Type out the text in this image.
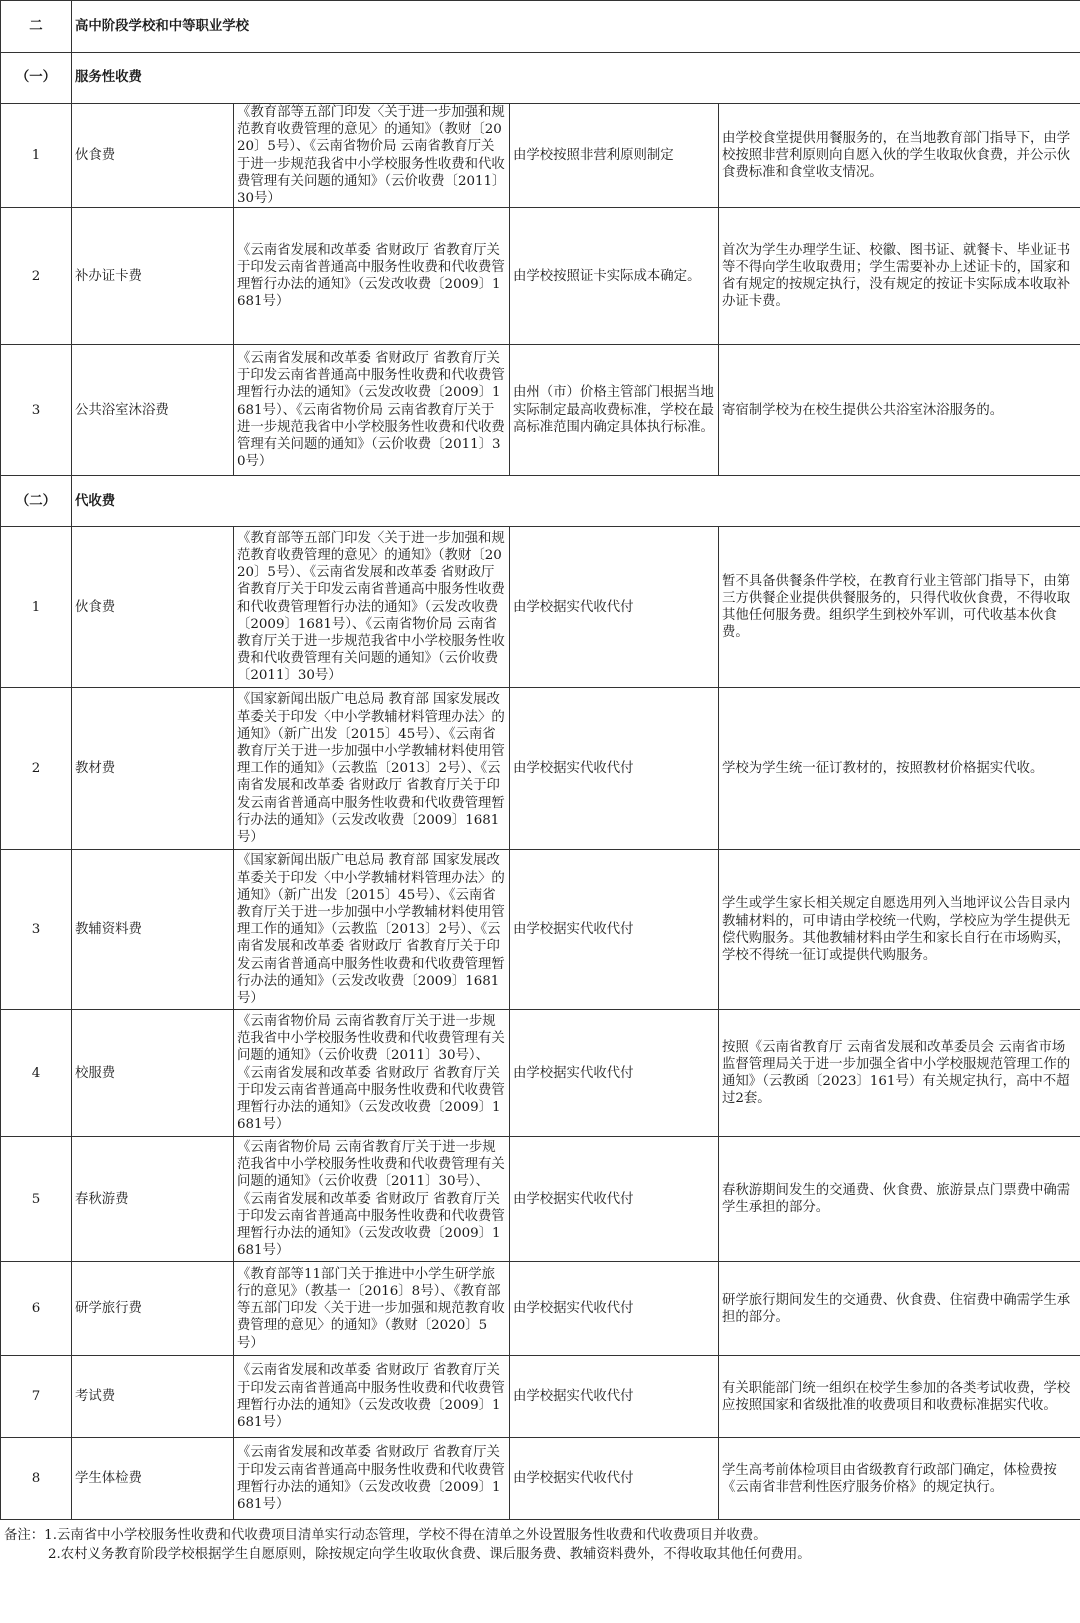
二	高中阶段学校和中等职业学校			
（一）	服务性收费			
1	伙食费	《教育部等五部门印发〈关于进一步加强和规范教育收费管理的意见〉的通知》（教财〔2020〕5号）、《云南省物价局 云南省教育厅关于进一步规范我省中小学校服务性收费和代收费管理有关问题的通知》（云价收费〔2011〕30号）	由学校按照非营利原则制定	由学校食堂提供用餐服务的，在当地教育部门指导下，由学校按照非营利原则向自愿入伙的学生收取伙食费，并公示伙食费标准和食堂收支情况。
2	补办证卡费	《云南省发展和改革委 省财政厅 省教育厅关于印发云南省普通高中服务性收费和代收费管理暂行办法的通知》（云发改收费〔2009〕1681号）	由学校按照证卡实际成本确定。	首次为学生办理学生证、校徽、图书证、就餐卡、毕业证书等不得向学生收取费用；学生需要补办上述证卡的，国家和省有规定的按规定执行，没有规定的按证卡实际成本收取补办证卡费。
3	公共浴室沐浴费	《云南省发展和改革委 省财政厅 省教育厅关于印发云南省普通高中服务性收费和代收费管理暂行办法的通知》（云发改收费〔2009〕1681号）、《云南省物价局 云南省教育厅关于进一步规范我省中小学校服务性收费和代收费管理有关问题的通知》（云价收费〔2011〕30号）	由州（市）价格主管部门根据当地实际制定最高收费标准，学校在最高标准范围内确定具体执行标准。	寄宿制学校为在校生提供公共浴室沐浴服务的。
（二）	代收费			
1	伙食费	《教育部等五部门印发〈关于进一步加强和规范教育收费管理的意见〉的通知》（教财〔2020〕5号）、《云南省发展和改革委 省财政厅 省教育厅关于印发云南省普通高中服务性收费和代收费管理暂行办法的通知》（云发改收费〔2009〕1681号）、《云南省物价局 云南省教育厅关于进一步规范我省中小学校服务性收费和代收费管理有关问题的通知》（云价收费〔2011〕30号）	由学校据实代收代付	暂不具备供餐条件学校，在教育行业主管部门指导下，由第三方供餐企业提供供餐服务的，只得代收伙食费，不得收取其他任何服务费。组织学生到校外军训，可代收基本伙食费。
2	教材费	《国家新闻出版广电总局 教育部 国家发展改革委关于印发〈中小学教辅材料管理办法〉的通知》（新广出发〔2015〕45号）、《云南省教育厅关于进一步加强中小学教辅材料使用管理工作的通知》（云教监〔2013〕2号）、《云南省发展和改革委 省财政厅 省教育厅关于印发云南省普通高中服务性收费和代收费管理暂行办法的通知》（云发改收费〔2009〕1681号）	由学校据实代收代付	学校为学生统一征订教材的，按照教材价格据实代收。
3	教辅资料费	《国家新闻出版广电总局 教育部 国家发展改革委关于印发〈中小学教辅材料管理办法〉的通知》（新广出发〔2015〕45号）、《云南省教育厅关于进一步加强中小学教辅材料使用管理工作的通知》（云教监〔2013〕2号）、《云南省发展和改革委 省财政厅 省教育厅关于印发云南省普通高中服务性收费和代收费管理暂行办法的通知》（云发改收费〔2009〕1681号）	由学校据实代收代付	学生或学生家长相关规定自愿选用列入当地评议公告目录内教辅材料的，可申请由学校统一代购，学校应为学生提供无偿代购服务。其他教辅材料由学生和家长自行在市场购买，学校不得统一征订或提供代购服务。
4	校服费	《云南省物价局 云南省教育厅关于进一步规范我省中小学校服务性收费和代收费管理有关问题的通知》（云价收费〔2011〕30号）、《云南省发展和改革委 省财政厅 省教育厅关于印发云南省普通高中服务性收费和代收费管理暂行办法的通知》（云发改收费〔2009〕1681号）	由学校据实代收代付	按照《云南省教育厅 云南省发展和改革委员会 云南省市场监督管理局关于进一步加强全省中小学校服规范管理工作的通知》（云教函〔2023〕161号）有关规定执行，高中不超过2套。
5	春秋游费	《云南省物价局 云南省教育厅关于进一步规范我省中小学校服务性收费和代收费管理有关问题的通知》（云价收费〔2011〕30号）、《云南省发展和改革委 省财政厅 省教育厅关于印发云南省普通高中服务性收费和代收费管理暂行办法的通知》（云发改收费〔2009〕1681号）	由学校据实代收代付	春秋游期间发生的交通费、伙食费、旅游景点门票费中确需学生承担的部分。
6	研学旅行费	《教育部等11部门关于推进中小学生研学旅行的意见》（教基一〔2016〕8号）、《教育部等五部门印发〈关于进一步加强和规范教育收费管理的意见〉的通知》（教财〔2020〕5号）	由学校据实代收代付	研学旅行期间发生的交通费、伙食费、住宿费中确需学生承担的部分。
7	考试费	《云南省发展和改革委 省财政厅 省教育厅关于印发云南省普通高中服务性收费和代收费管理暂行办法的通知》（云发改收费〔2009〕1681号）	由学校据实代收代付	有关职能部门统一组织在校学生参加的各类考试收费，学校应按照国家和省级批准的收费项目和收费标准据实代收。
8	学生体检费	《云南省发展和改革委 省财政厅 省教育厅关于印发云南省普通高中服务性收费和代收费管理暂行办法的通知》（云发改收费〔2009〕1681号）	由学校据实代收代付	学生高考前体检项目由省级教育行政部门确定，体检费按《云南省非营利性医疗服务价格》的规定执行。
备注：1.云南省中小学校服务性收费和代收费项目清单实行动态管理，学校不得在清单之外设置服务性收费和代收费项目并收费。
2.农村义务教育阶段学校根据学生自愿原则，除按规定向学生收取伙食费、课后服务费、教辅资料费外，不得收取其他任何费用。
